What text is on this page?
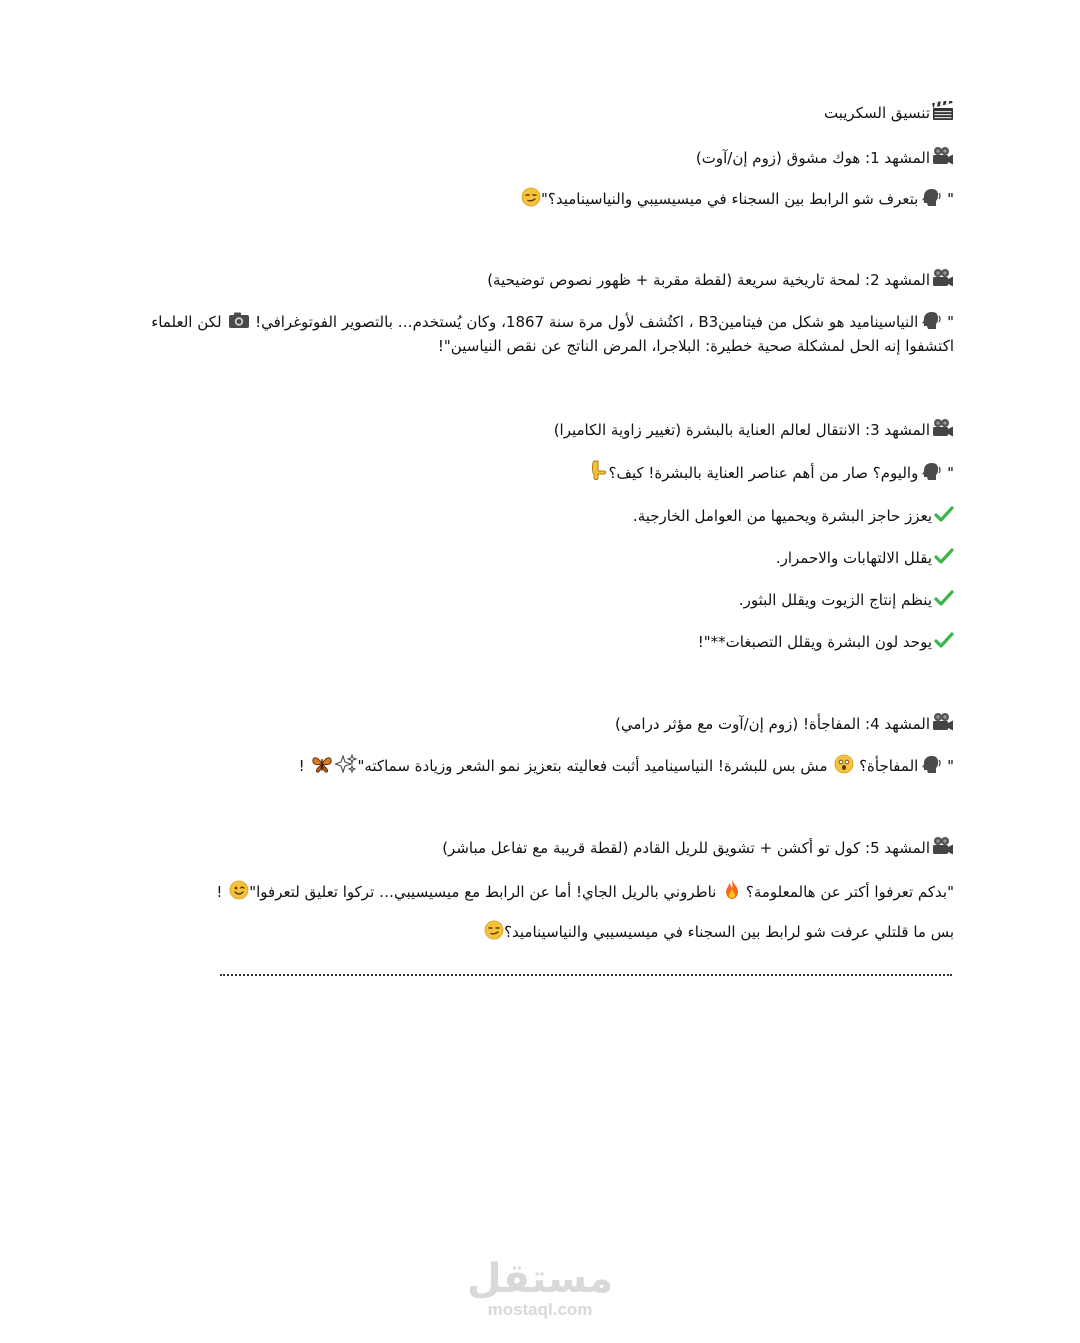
تنسيق السكريبت
المشهد 1: هوك مشوق (زوم إن/آوت)
"
بتعرف شو الرابط بين السجناء في ميسيسيبي والنياسيناميد؟"
المشهد 2: لمحة تاريخية سريعة (لقطة مقربة + ظهور نصوص توضيحية)
"
النياسيناميد هو شكل من فيتامينB3 ، اكتُشف لأول مرة سنة 1867، وكان يُستخدم… بالتصوير الفوتوغرافي!
لكن العلماء اكتشفوا إنه الحل لمشكلة صحية خطيرة: البلاجرا، المرض الناتج عن نقص النياسين"!
المشهد 3: الانتقال لعالم العناية بالبشرة (تغيير زاوية الكاميرا)
"
واليوم؟ صار من أهم عناصر العناية بالبشرة! كيف؟
يعزز حاجز البشرة ويحميها من العوامل الخارجية.
يقلل الالتهابات والاحمرار.
ينظم إنتاج الزيوت ويقلل البثور.
يوحد لون البشرة ويقلل التصبغات**"!
المشهد 4: المفاجأة! (زوم إن/آوت مع مؤثر درامي)
"
المفاجأة؟
مش بس للبشرة! النياسيناميد أثبت فعاليته بتعزيز نمو الشعر وزيادة سماكته"
!
المشهد 5: كول تو أكشن + تشويق للريل القادم (لقطة قريبة مع تفاعل مباشر)
"بدكم تعرفوا أكتر عن هالمعلومة؟
ناطروني بالريل الجاي! أما عن الرابط مع ميسيسيبي… تركوا تعليق لتعرفوا"
!
بس ما قلتلي عرفت شو لرابط بين السجناء في ميسيسيبي والنياسيناميد؟
مستقل
mostaql.com
